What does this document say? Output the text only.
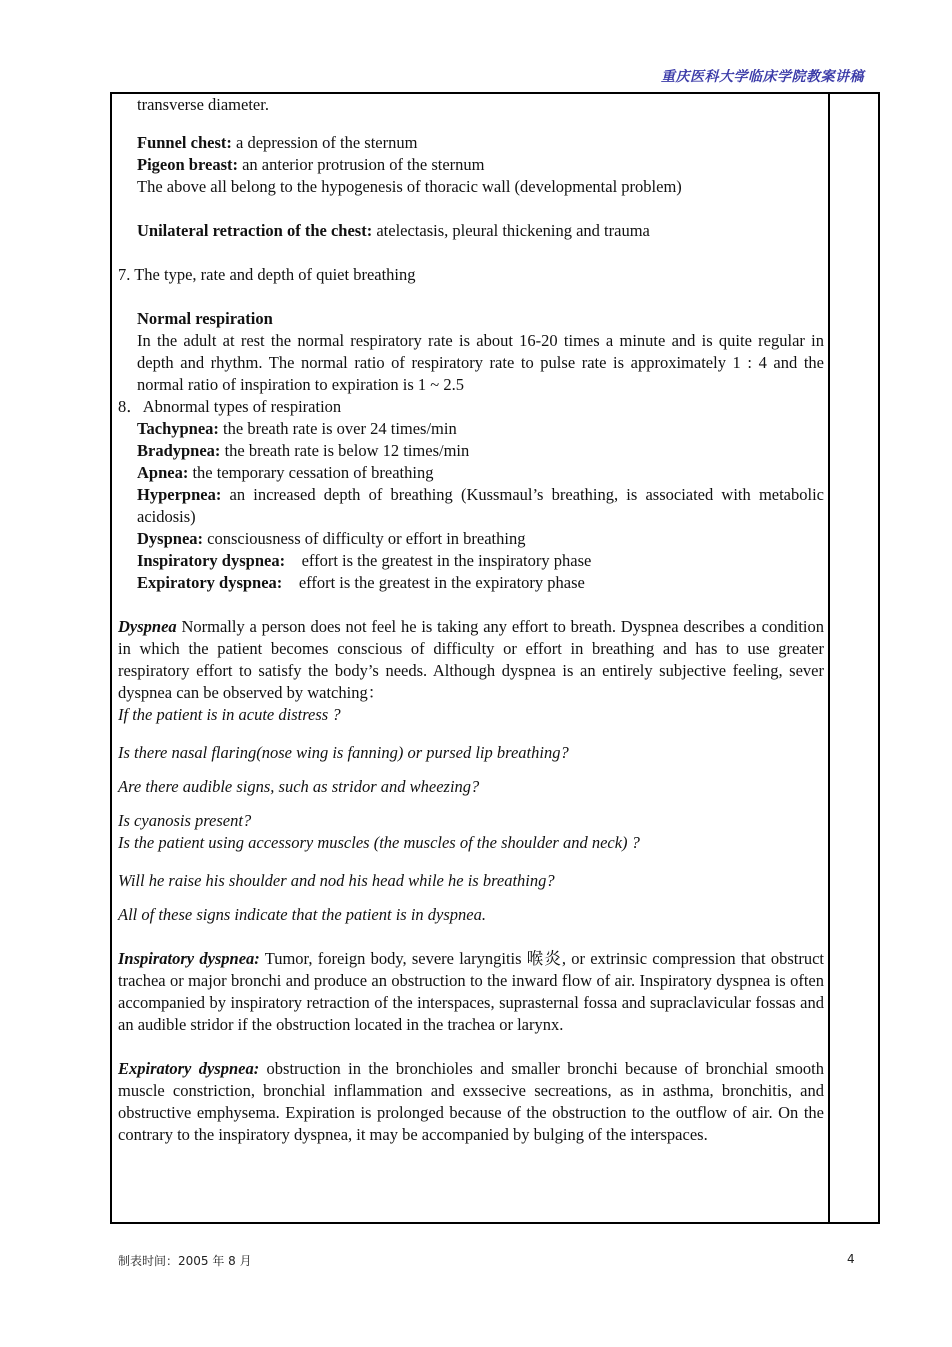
重庆医科大学临床学院教案讲稿

transverse diameter.

Funnel chest: a depression of the sternum

Pigeon breast: an anterior protrusion of the sternum

The above all belong to the hypogenesis of thoracic wall (developmental problem)

Unilateral retraction of the chest: atelectasis, pleural thickening and trauma

7. The type, rate and depth of quiet breathing

Normal respiration

In the adult at rest the normal respiratory rate is about 16-20 times a minute and is quite regular in depth and rhythm. The normal ratio of respiratory rate to pulse rate is approximately 1 : 4 and the normal ratio of inspiration to expiration is 1 ~ 2.5

8．Abnormal types of respiration

Tachypnea: the breath rate is over 24 times/min

Bradypnea: the breath rate is below 12 times/min

Apnea: the temporary cessation of breathing

Hyperpnea: an increased depth of breathing (Kussmaul’s breathing, is associated with metabolic acidosis)

Dyspnea: consciousness of difficulty or effort in breathing

Inspiratory dyspnea:    effort is the greatest in the inspiratory phase

Expiratory dyspnea:    effort is the greatest in the expiratory phase

Dyspnea Normally a person does not feel he is taking any effort to breath. Dyspnea describes a condition in which the patient becomes conscious of difficulty or effort in breathing and has to use greater respiratory effort to satisfy the body’s needs. Although dyspnea is an entirely subjective feeling, sever dyspnea can be observed by watching：

If the patient is in acute distress ?

Is there nasal flaring(nose wing is fanning) or pursed lip breathing?

Are there audible signs, such as stridor and wheezing?

Is cyanosis present?

Is the patient using accessory muscles (the muscles of the shoulder and neck) ?

Will he raise his shoulder and nod his head while he is breathing?

All of these signs indicate that the patient is in dyspnea.

Inspiratory dyspnea: Tumor, foreign body, severe laryngitis 喉炎, or extrinsic compression that obstruct trachea or major bronchi and produce an obstruction to the inward flow of air. Inspiratory dyspnea is often accompanied by inspiratory retraction of the interspaces, suprasternal fossa and supraclavicular fossas and an audible stridor if the obstruction located in the trachea or larynx.

Expiratory dyspnea: obstruction in the bronchioles and smaller bronchi because of bronchial smooth muscle constriction, bronchial inflammation and exssecive secreations, as in asthma, bronchitis, and obstructive emphysema. Expiration is prolonged because of the obstruction to the outflow of air. On the contrary to the inspiratory dyspnea, it may be accompanied by bulging of the interspaces.

制表时间：2005 年 8 月	4
